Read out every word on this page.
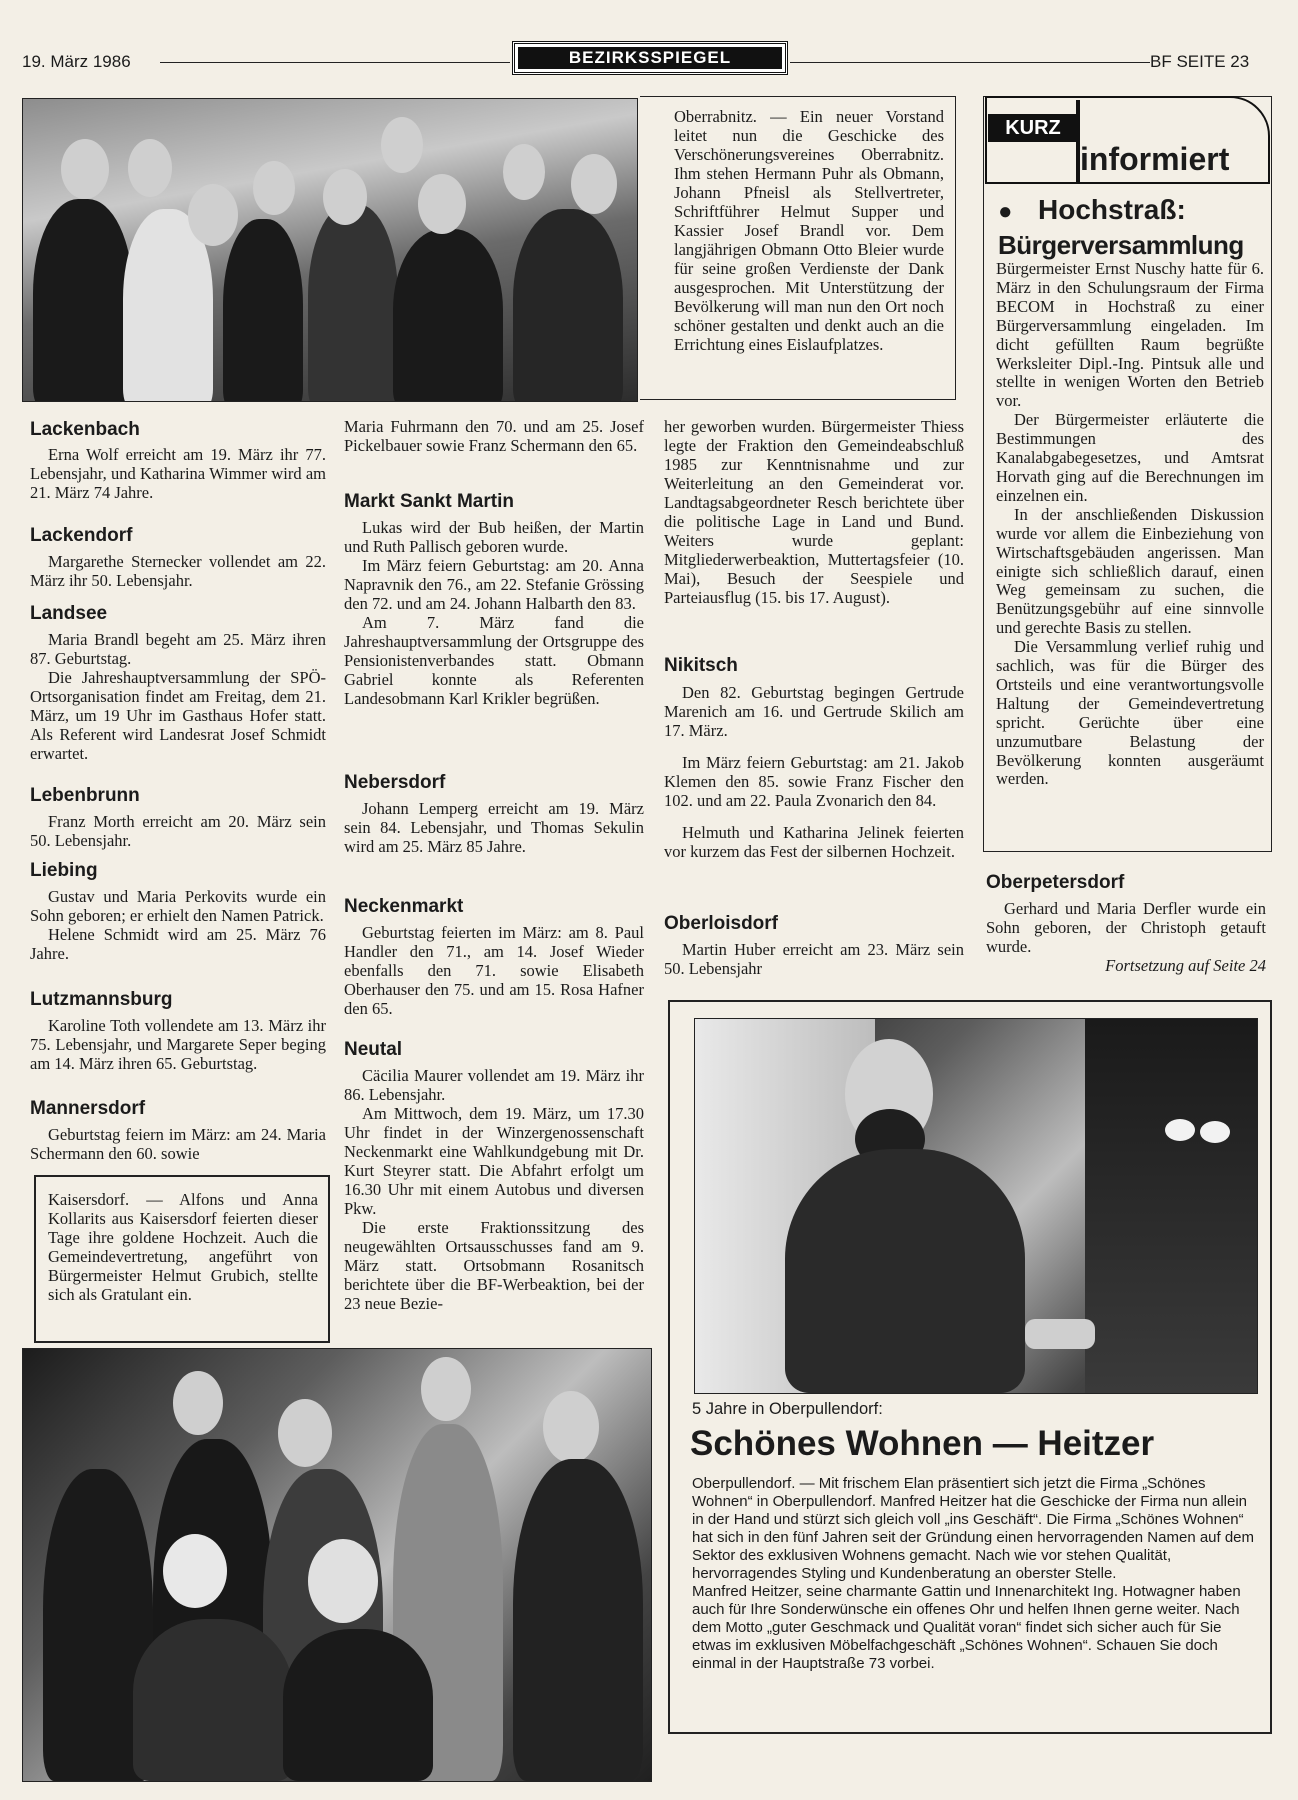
19. März 1986	BEZIRKSSPIEGEL	BF SEITE 23

Oberrabnitz. — Ein neuer Vorstand leitet nun die Geschicke des Verschönerungsvereines Oberrabnitz. Ihm stehen Hermann Puhr als Obmann, Johann Pfneisl als Stellvertreter, Schriftführer Helmut Supper und Kassier Josef Brandl vor. Dem langjährigen Obmann Otto Bleier wurde für seine großen Verdienste der Dank ausgesprochen. Mit Unterstützung der Bevölkerung will man nun den Ort noch schöner gestalten und denkt auch an die Errichtung eines Eislaufplatzes.

KURZ
informiert
● Hochstraß:
Bürgerversammlung

Bürgermeister Ernst Nuschy hatte für 6. März in den Schulungsraum der Firma BECOM in Hochstraß zu einer Bürgerversammlung eingeladen. Im dicht gefüllten Raum begrüßte Werksleiter Dipl.-Ing. Pintsuk alle und stellte in wenigen Worten den Betrieb vor.

Der Bürgermeister erläuterte die Bestimmungen des Kanalabgabegesetzes, und Amtsrat Horvath ging auf die Berechnungen im einzelnen ein.

In der anschließenden Diskussion wurde vor allem die Einbeziehung von Wirtschaftsgebäuden angerissen. Man einigte sich schließlich darauf, einen Weg gemeinsam zu suchen, die Benützungsgebühr auf eine sinnvolle und gerechte Basis zu stellen.

Die Versammlung verlief ruhig und sachlich, was für die Bürger des Ortsteils und eine verantwortungsvolle Haltung der Gemeindevertretung spricht. Gerüchte über eine unzumutbare Belastung der Bevölkerung konnten ausgeräumt werden.

Lackenbach

Erna Wolf erreicht am 19. März ihr 77. Lebensjahr, und Katharina Wimmer wird am 21. März 74 Jahre.

Lackendorf

Margarethe Sternecker vollendet am 22. März ihr 50. Lebensjahr.

Landsee

Maria Brandl begeht am 25. März ihren 87. Geburtstag.

Die Jahreshauptversammlung der SPÖ-Ortsorganisation findet am Freitag, dem 21. März, um 19 Uhr im Gasthaus Hofer statt. Als Referent wird Landesrat Josef Schmidt erwartet.

Lebenbrunn

Franz Morth erreicht am 20. März sein 50. Lebensjahr.

Liebing

Gustav und Maria Perkovits wurde ein Sohn geboren; er erhielt den Namen Patrick.

Helene Schmidt wird am 25. März 76 Jahre.

Lutzmannsburg

Karoline Toth vollendete am 13. März ihr 75. Lebensjahr, und Margarete Seper beging am 14. März ihren 65. Geburtstag.

Mannersdorf

Geburtstag feiern im März: am 24. Maria Schermann den 60. sowie

Kaisersdorf. — Alfons und Anna Kollarits aus Kaisersdorf feierten dieser Tage ihre goldene Hochzeit. Auch die Gemeindevertretung, angeführt von Bürgermeister Helmut Grubich, stellte sich als Gratulant ein.

Maria Fuhrmann den 70. und am 25. Josef Pickelbauer sowie Franz Schermann den 65.

Markt Sankt Martin

Lukas wird der Bub heißen, der Martin und Ruth Pallisch geboren wurde.

Im März feiern Geburtstag: am 20. Anna Napravnik den 76., am 22. Stefanie Grössing den 72. und am 24. Johann Halbarth den 83.

Am 7. März fand die Jahreshauptversammlung der Ortsgruppe des Pensionistenverbandes statt. Obmann Gabriel konnte als Referenten Landesobmann Karl Krikler begrüßen.

Nebersdorf

Johann Lemperg erreicht am 19. März sein 84. Lebensjahr, und Thomas Sekulin wird am 25. März 85 Jahre.

Neckenmarkt

Geburtstag feierten im März: am 8. Paul Handler den 71., am 14. Josef Wieder ebenfalls den 71. sowie Elisabeth Oberhauser den 75. und am 15. Rosa Hafner den 65.

Neutal

Cäcilia Maurer vollendet am 19. März ihr 86. Lebensjahr.

Am Mittwoch, dem 19. März, um 17.30 Uhr findet in der Winzergenossenschaft Neckenmarkt eine Wahlkundgebung mit Dr. Kurt Steyrer statt. Die Abfahrt erfolgt um 16.30 Uhr mit einem Autobus und diversen Pkw.

Die erste Fraktionssitzung des neugewählten Ortsausschusses fand am 9. März statt. Ortsobmann Rosanitsch berichtete über die BF-Werbeaktion, bei der 23 neue Bezie-

her geworben wurden. Bürgermeister Thiess legte der Fraktion den Gemeindeabschluß 1985 zur Kenntnisnahme und zur Weiterleitung an den Gemeinderat vor. Landtagsabgeordneter Resch berichtete über die politische Lage in Land und Bund. Weiters wurde geplant: Mitgliederwerbeaktion, Muttertagsfeier (10. Mai), Besuch der Seespiele und Parteiausflug (15. bis 17. August).

Nikitsch

Den 82. Geburtstag begingen Gertrude Marenich am 16. und Gertrude Skilich am 17. März.

Im März feiern Geburtstag: am 21. Jakob Klemen den 85. sowie Franz Fischer den 102. und am 22. Paula Zvonarich den 84.

Helmuth und Katharina Jelinek feierten vor kurzem das Fest der silbernen Hochzeit.

Oberloisdorf

Martin Huber erreicht am 23. März sein 50. Lebensjahr

Oberpetersdorf

Gerhard und Maria Derfler wurde ein Sohn geboren, der Christoph getauft wurde.

Fortsetzung auf Seite 24
5 Jahre in Oberpullendorf:
Schönes Wohnen — Heitzer

Oberpullendorf. — Mit frischem Elan präsentiert sich jetzt die Firma „Schönes Wohnen“ in Oberpullendorf. Manfred Heitzer hat die Geschicke der Firma nun allein in der Hand und stürzt sich gleich voll „ins Geschäft“. Die Firma „Schönes Wohnen“ hat sich in den fünf Jahren seit der Gründung einen hervorragenden Namen auf dem Sektor des exklusiven Wohnens gemacht. Nach wie vor stehen Qualität, hervorragendes Styling und Kundenberatung an oberster Stelle.

Manfred Heitzer, seine charmante Gattin und Innenarchitekt Ing. Hotwagner haben auch für Ihre Sonderwünsche ein offenes Ohr und helfen Ihnen gerne weiter. Nach dem Motto „guter Geschmack und Qualität voran“ findet sich sicher auch für Sie etwas im exklusiven Möbelfachgeschäft „Schönes Wohnen“. Schauen Sie doch einmal in der Hauptstraße 73 vorbei.
